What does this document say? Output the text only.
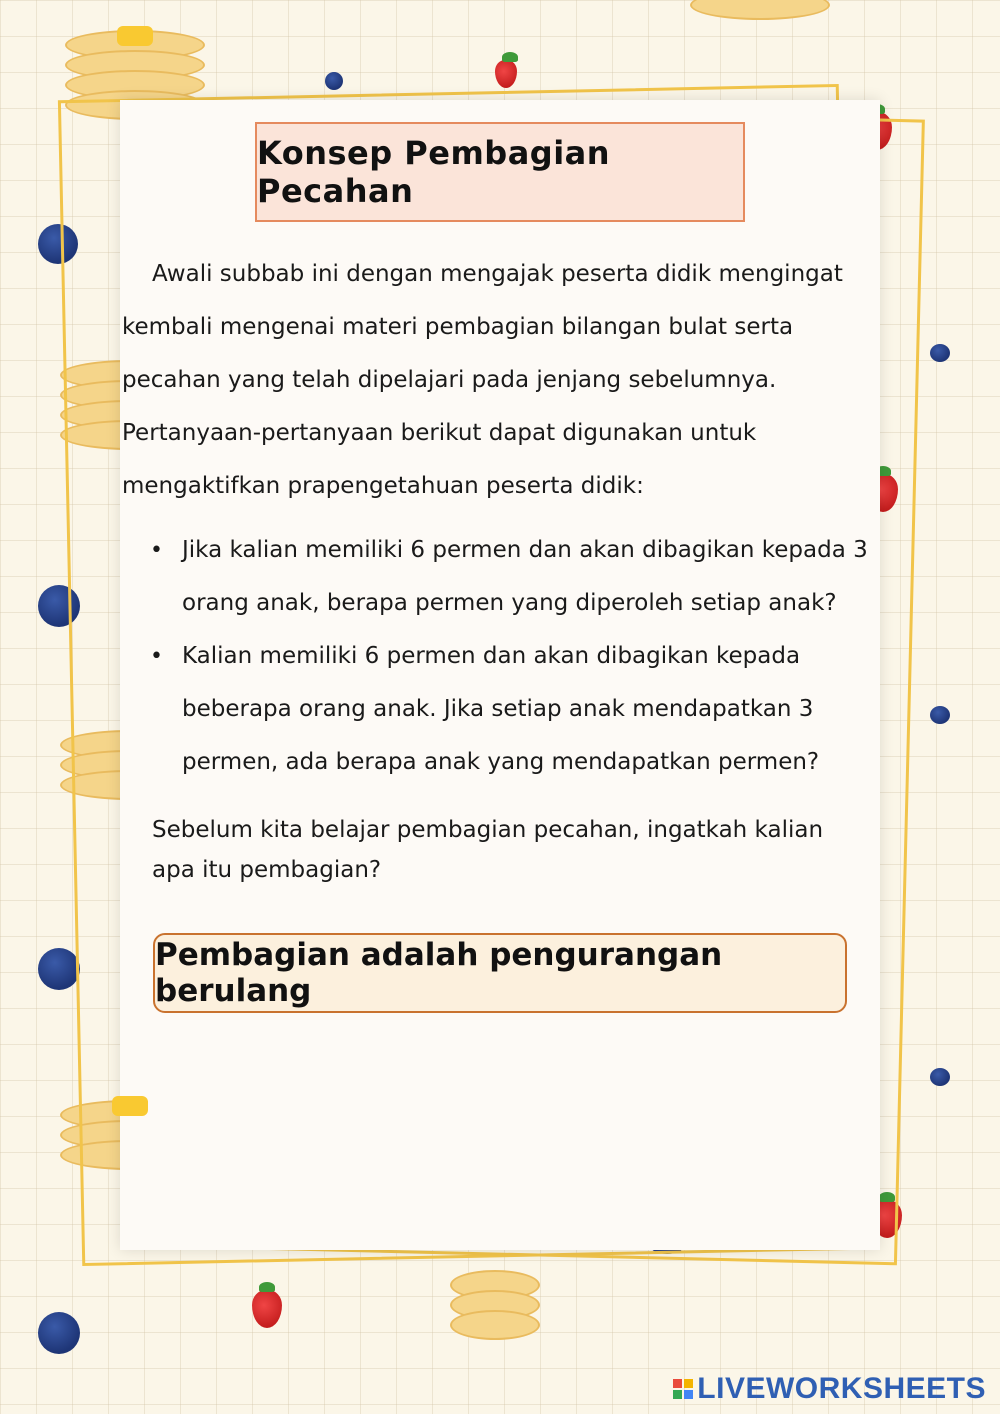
Konsep Pembagian Pecahan
Awali subbab ini dengan mengajak peserta didik mengingat kembali mengenai materi pembagian bilangan bulat serta pecahan yang telah dipelajari pada jenjang sebelumnya. Pertanyaan-pertanyaan berikut dapat digunakan untuk mengaktifkan prapengetahuan peserta didik:
• Jika kalian memiliki 6 permen dan akan dibagikan kepada 3 orang anak, berapa permen yang diperoleh setiap anak?
• Kalian memiliki 6 permen dan akan dibagikan kepada beberapa orang anak. Jika setiap anak mendapatkan 3 permen, ada berapa anak yang mendapatkan permen?
Sebelum kita belajar pembagian pecahan, ingatkah kalian apa itu pembagian?
Pembagian adalah pengurangan berulang
LIVEWORKSHEETS
